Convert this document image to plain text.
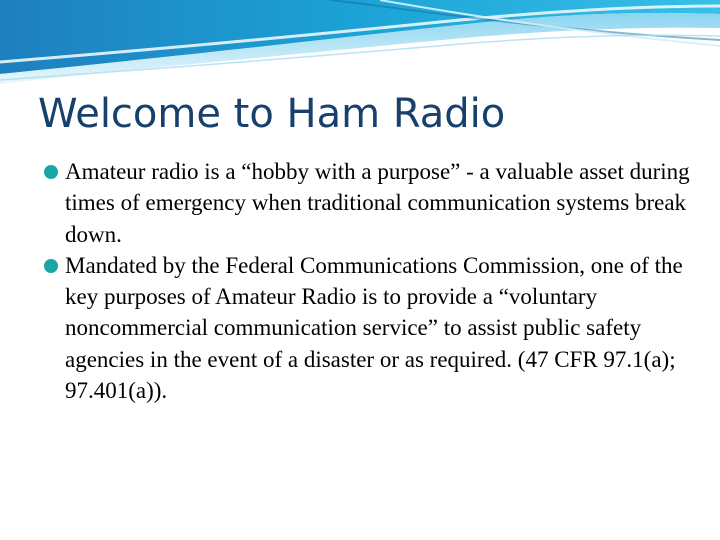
Welcome to Ham Radio
Amateur radio is a “hobby with a purpose” - a valuable asset during times of emergency when traditional communication systems break down.
Mandated by the Federal Communications Commission, one of the key purposes of Amateur Radio is to provide a “voluntary noncommercial communication service” to assist public safety agencies in the event of a disaster or as required. (47 CFR 97.1(a); 97.401(a)).
